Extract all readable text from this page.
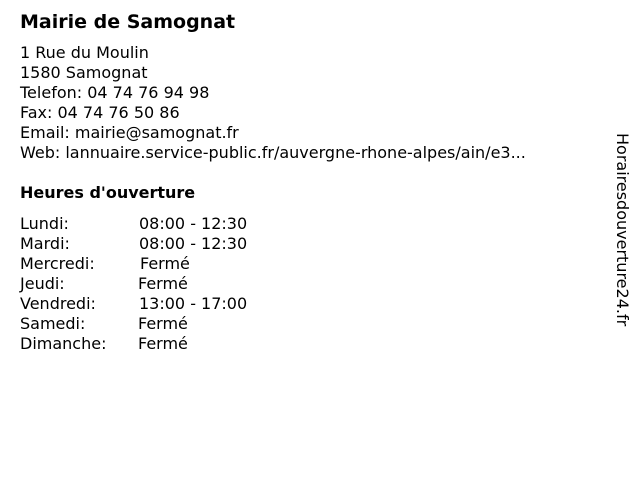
Mairie de Samognat
1 Rue du Moulin
1580 Samognat
Telefon: 04 74 76 94 98
Fax: 04 74 76 50 86
Email: mairie@samognat.fr
Web: lannuaire.service-public.fr/auvergne-rhone-alpes/ain/e3...
Heures d'ouverture
Lundi:	08:00 - 12:30
Mardi:	08:00 - 12:30
Mercredi:	Fermé
Jeudi:	Fermé
Vendredi:	13:00 - 17:00
Samedi:	Fermé
Dimanche: Fermé
Horairesdouverture24.fr
